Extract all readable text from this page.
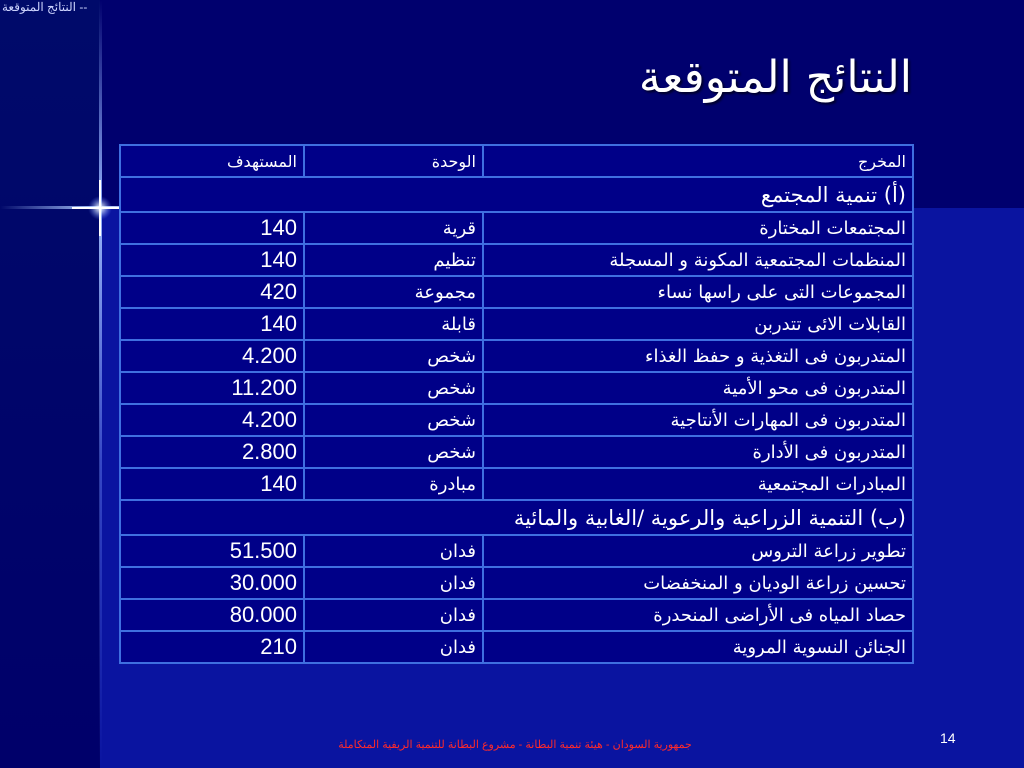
-- النتائج المتوقعة
النتائج المتوقعة
المخرج	الوحدة	المستهدف
(أ) تنمية المجتمع		
المجتمعات المختارة	قرية	140
المنظمات المجتمعية المكونة و المسجلة	تنظيم	140
المجموعات التى على راسها نساء	مجموعة	420
القابلات الائى تتدربن	قابلة	140
المتدربون فى التغذية و حفظ الغذاء	شخص	4.200
المتدربون فى محو الأمية	شخص	11.200
المتدربون فى المهارات الأنتاجية	شخص	4.200
المتدربون فى الأدارة	شخص	2.800
المبادرات المجتمعية	مبادرة	140
(ب) التنمية الزراعية والرعوية /الغابية والمائية		
تطوير زراعة التروس	فدان	51.500
تحسين زراعة الوديان و المنخفضات	فدان	30.000
حصاد المياه فى الأراضى المنحدرة	فدان	80.000
الجنائن النسوية المروية	فدان	210
جمهورية السودان - هيئة تنمية البطانة - مشروع البطانة للتنمية الريفية المتكاملة	14
